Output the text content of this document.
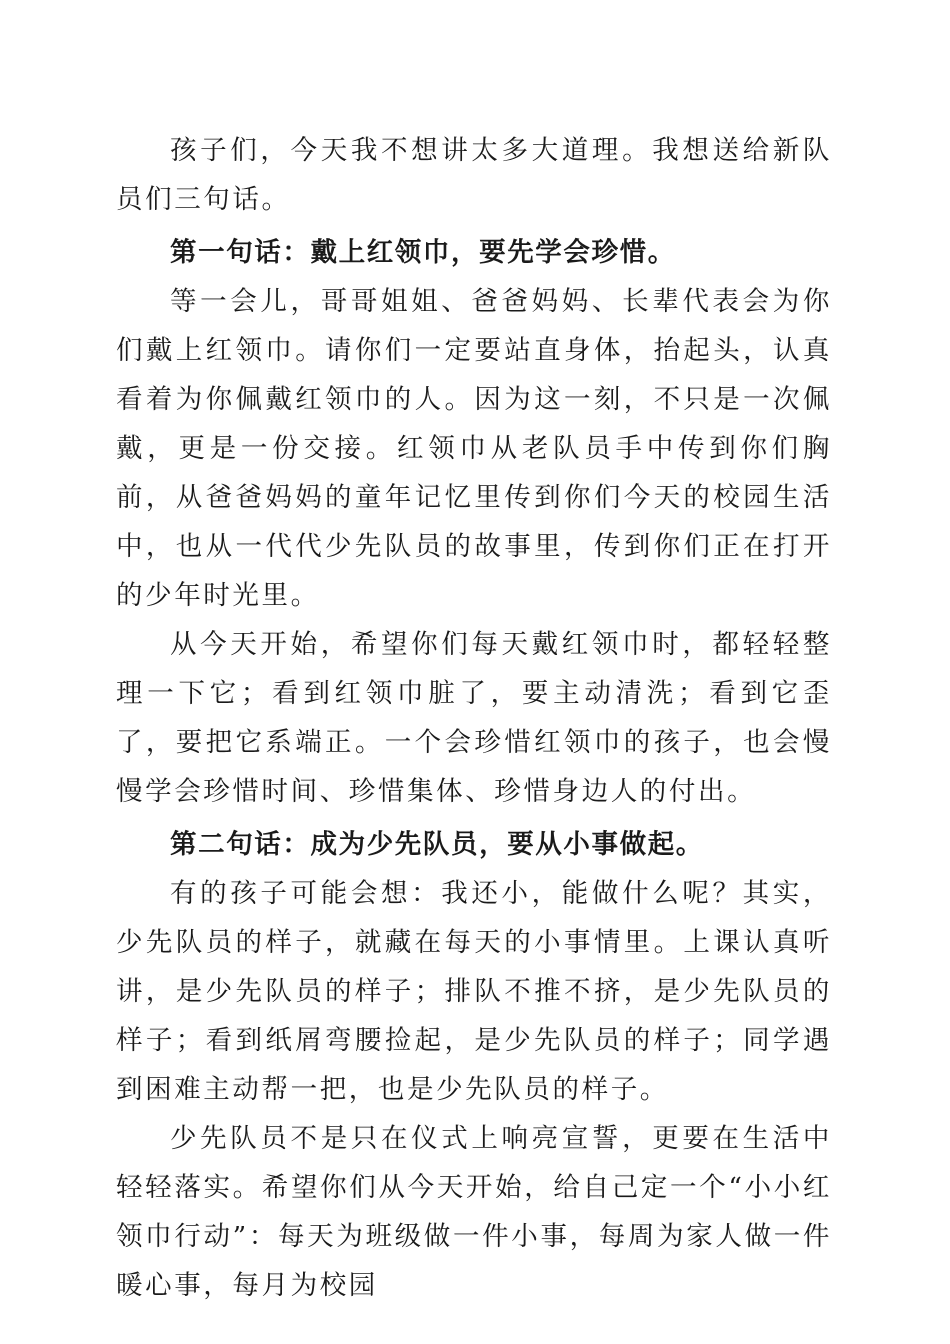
孩子们，今天我不想讲太多大道理。我想送给新队员们三句话。

第一句话：戴上红领巾，要先学会珍惜。

等一会儿，哥哥姐姐、爸爸妈妈、长辈代表会为你们戴上红领巾。请你们一定要站直身体，抬起头，认真看着为你佩戴红领巾的人。因为这一刻，不只是一次佩戴，更是一份交接。红领巾从老队员手中传到你们胸前，从爸爸妈妈的童年记忆里传到你们今天的校园生活中，也从一代代少先队员的故事里，传到你们正在打开的少年时光里。

从今天开始，希望你们每天戴红领巾时，都轻轻整理一下它；看到红领巾脏了，要主动清洗；看到它歪了，要把它系端正。一个会珍惜红领巾的孩子，也会慢慢学会珍惜时间、珍惜集体、珍惜身边人的付出。

第二句话：成为少先队员，要从小事做起。

有的孩子可能会想：我还小，能做什么呢？其实，少先队员的样子，就藏在每天的小事情里。上课认真听讲，是少先队员的样子；排队不推不挤，是少先队员的样子；看到纸屑弯腰捡起，是少先队员的样子；同学遇到困难主动帮一把，也是少先队员的样子。

少先队员不是只在仪式上响亮宣誓，更要在生活中轻轻落实。希望你们从今天开始，给自己定一个“小小红领巾行动”：每天为班级做一件小事，每周为家人做一件暖心事，每月为校园
